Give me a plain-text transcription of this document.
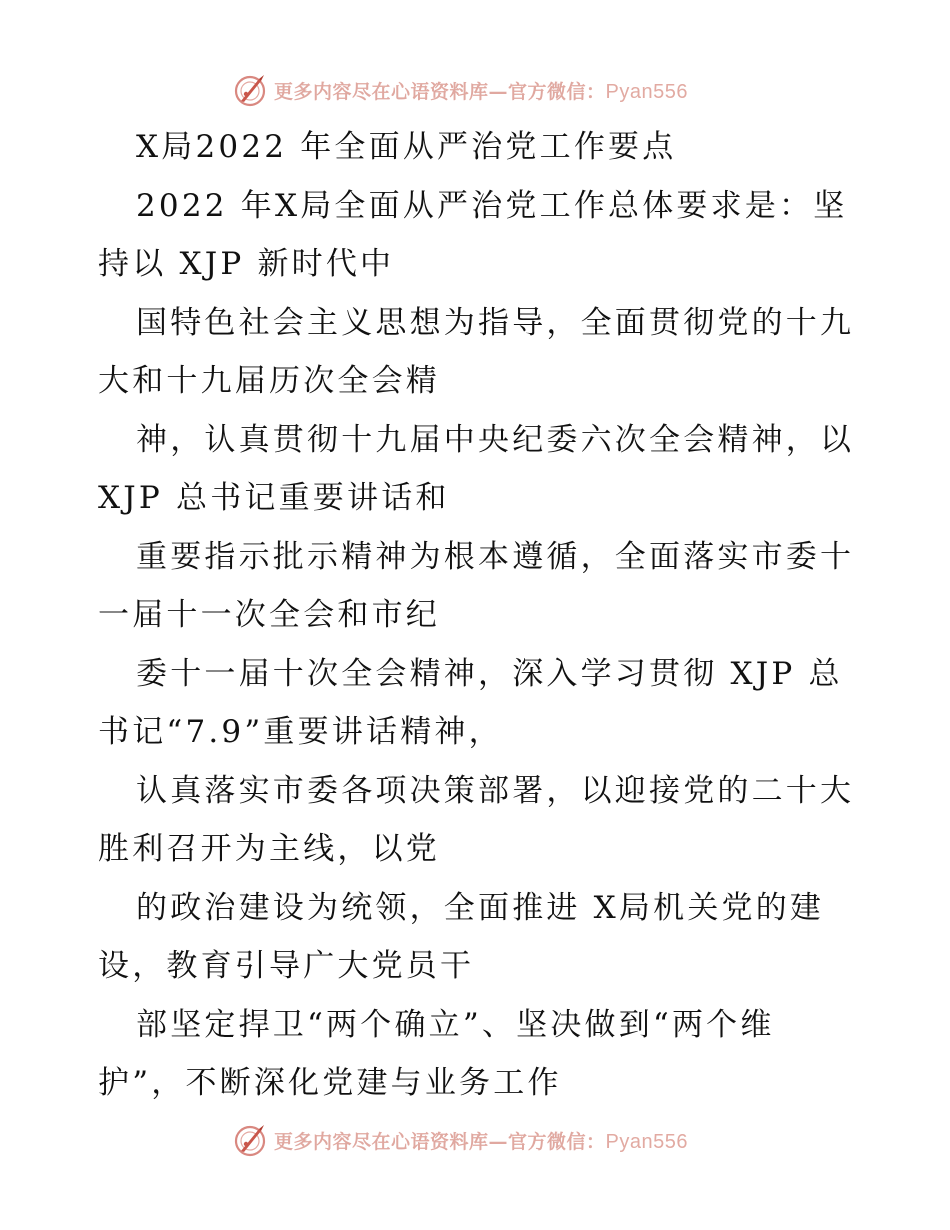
更多内容尽在心语资料库—官方微信：Pyan556
X局2022 年全面从严治党工作要点
2022 年X局全面从严治党工作总体要求是：坚
持以 XJP 新时代中
国特色社会主义思想为指导，全面贯彻党的十九
大和十九届历次全会精
神，认真贯彻十九届中央纪委六次全会精神，以
XJP 总书记重要讲话和
重要指示批示精神为根本遵循，全面落实市委十
一届十一次全会和市纪
委十一届十次全会精神，深入学习贯彻 XJP 总
书记“7.9”重要讲话精神，
认真落实市委各项决策部署，以迎接党的二十大
胜利召开为主线，以党
的政治建设为统领，全面推进 X局机关党的建
设，教育引导广大党员干
部坚定捍卫“两个确立”、坚决做到“两个维
护”，不断深化党建与业务工作
更多内容尽在心语资料库—官方微信：Pyan556
